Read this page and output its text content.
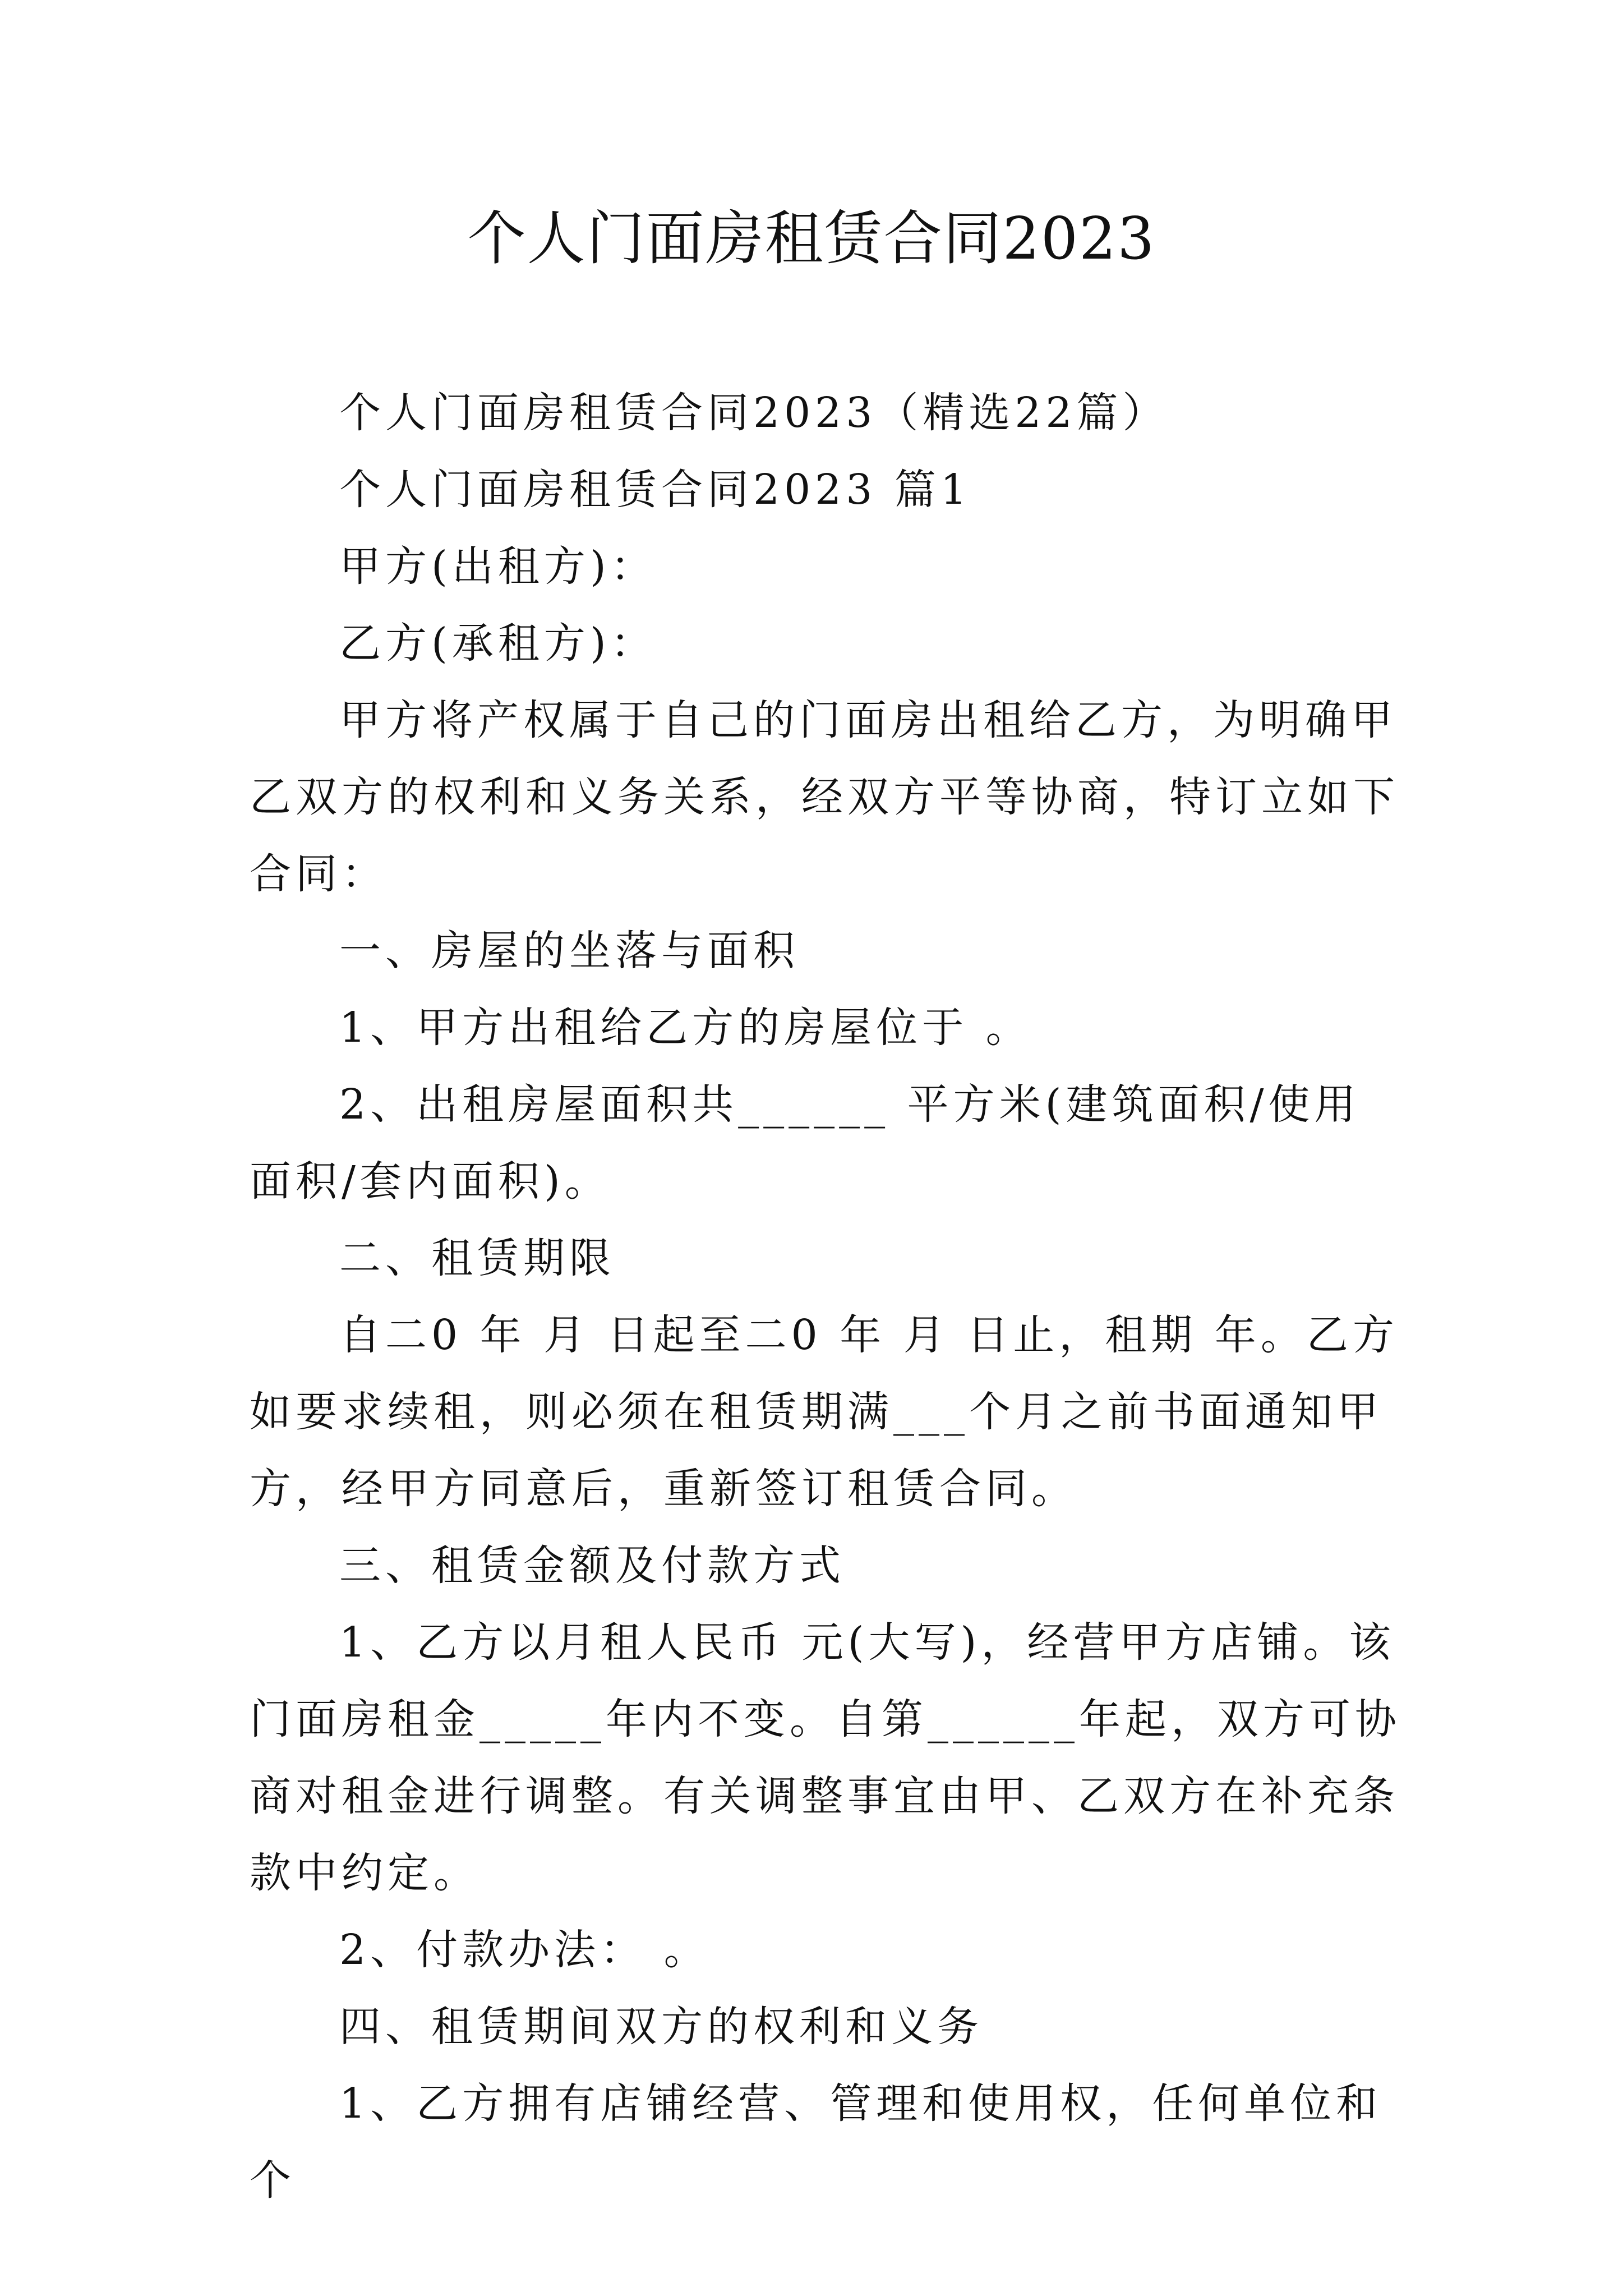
个人门面房租赁合同2023

个人门面房租赁合同2023（精选22篇）

个人门面房租赁合同2023 篇1

甲方(出租方)：

乙方(承租方)：

甲方将产权属于自己的门面房出租给乙方，为明确甲乙双方的权利和义务关系，经双方平等协商，特订立如下合同：

一、房屋的坐落与面积

1、甲方出租给乙方的房屋位于 。

2、出租房屋面积共______ 平方米(建筑面积/使用面积/套内面积)。

二、租赁期限

自二0 年 月 日起至二0 年 月 日止，租期 年。乙方如要求续租，则必须在租赁期满___个月之前书面通知甲方，经甲方同意后，重新签订租赁合同。

三、租赁金额及付款方式

1、乙方以月租人民币 元(大写)，经营甲方店铺。该门面房租金_____年内不变。自第______年起，双方可协商对租金进行调整。有关调整事宜由甲、乙双方在补充条款中约定。

2、付款办法： 。

四、租赁期间双方的权利和义务

1、乙方拥有店铺经营、管理和使用权，任何单位和个
